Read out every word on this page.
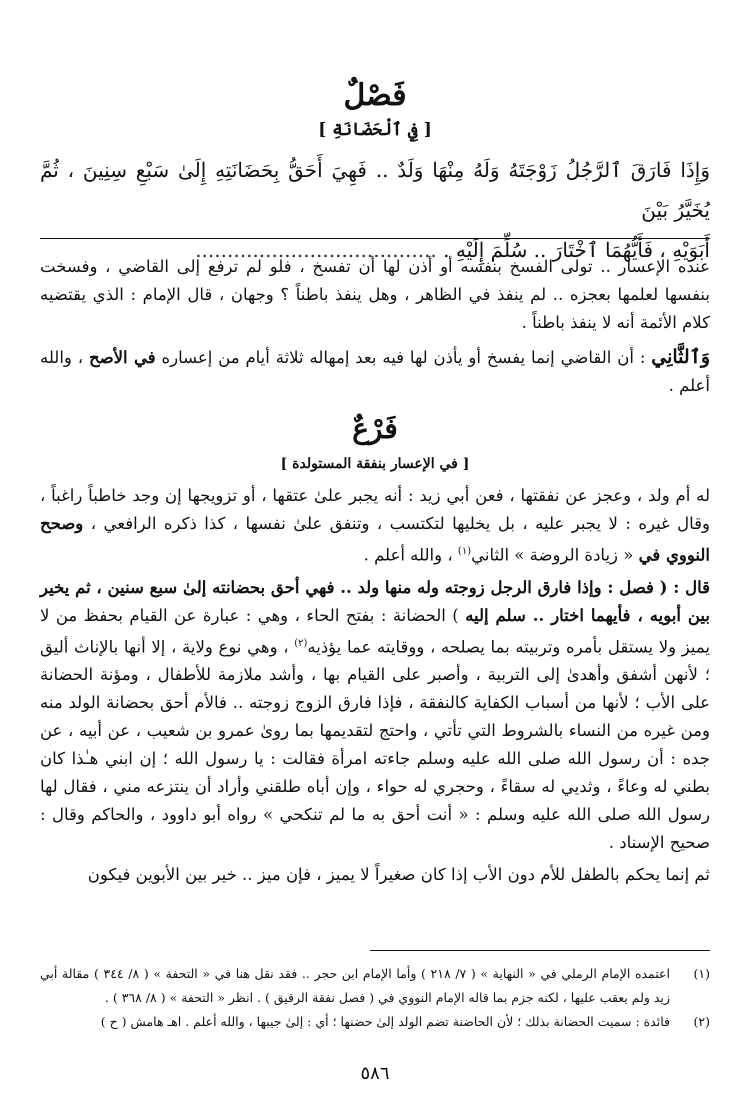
فَصْلٌ
[ فِي ٱلْحَضَانَةِ ]
وَإِذَا فَارَقَ ٱلرَّجُلُ زَوْجَتَهُ وَلَهُ مِنْهَا وَلَدٌ .. فَهِيَ أَحَقُّ بِحَضَانَتِهِ إِلَىٰ سَبْعِ سِنِينَ ، ثُمَّ يُخَيَّرُ بَيْنَ
أَبَوَيْهِ ، فَأَيُّهُمَا ٱخْتَارَ .. سُلِّمَ إِلَيْهِ . ......................................

عنده الإعسار .. تولى الفسخ بنفسه أو أذن لها أن تفسخ ، فلو لم ترفع إلى القاضي ، وفسخت بنفسها لعلمها بعجزه .. لم ينفذ في الظاهر ، وهل ينفذ باطناً ؟ وجهان ، قال الإمام : الذي يقتضيه كلام الأئمة أنه لا ينفذ باطناً .

وَٱلثَّانِي : أن القاضي إنما يفسخ أو يأذن لها فيه بعد إمهاله ثلاثة أيام من إعساره في الأصح ، والله أعلم .

فَرْعٌ
[ في الإعسار بنفقة المستولدة ]

له أم ولد ، وعجز عن نفقتها ، فعن أبي زيد : أنه يجبر علىٰ عتقها ، أو تزويجها إن وجد خاطباً راغباً ، وقال غيره : لا يجبر عليه ، بل يخليها لتكتسب ، وتنفق علىٰ نفسها ، كذا ذكره الرافعي ، وصحح النووي في « زيادة الروضة » الثاني$^{(١)}$ ، والله أعلم .

قال : ( فصل : وإذا فارق الرجل زوجته وله منها ولد .. فهي أحق بحضانته إلىٰ سبع سنين ، ثم يخير بين أبويه ، فأيهما اختار .. سلم إليه ) الحضانة : بفتح الحاء ، وهي : عبارة عن القيام بحفظ من لا يميز ولا يستقل بأمره وتربيته بما يصلحه ، ووقايته عما يؤذيه$^{(٢)}$ ، وهي نوع ولاية ، إلا أنها بالإناث أليق ؛ لأنهن أشفق وأهدىٰ إلى التربية ، وأصبر على القيام بها ، وأشد ملازمة للأطفال ، ومؤنة الحضانة على الأب ؛ لأنها من أسباب الكفاية كالنفقة ، فإذا فارق الزوج زوجته .. فالأم أحق بحضانة الولد منه ومن غيره من النساء بالشروط التي تأتي ، واحتج لتقديمها بما روىٰ عمرو بن شعيب ، عن أبيه ، عن جده : أن رسول الله صلى الله عليه وسلم جاءته امرأة فقالت : يا رسول الله ؛ إن ابني هـٰذا كان بطني له وعاءً ، وثديي له سقاءً ، وحجري له حواء ، وإن أباه طلقني وأراد أن ينتزعه مني ، فقال لها رسول الله صلى الله عليه وسلم : « أنت أحق به ما لم تنكحي » رواه أبو داوود ، والحاكم وقال : صحيح الإسناد .

ثم إنما يحكم بالطفل للأم دون الأب إذا كان صغيراً لا يميز ، فإن ميز .. خير بين الأبوين فيكون

(١)
اعتمده الإمام الرملي في « النهاية » ( ٧/ ٢١٨ ) وأما الإمام ابن حجر .. فقد نقل هنا في « التحفة » ( ٨/ ٣٤٤ ) مقالة أبي زيد ولم يعقب عليها ، لكنه جزم بما قاله الإمام النووي في ( فصل نفقة الرقيق ) . انظر « التحفة » ( ٨/ ٣٦٨ ) .
(٢)
فائدة : سميت الحضانة بذلك ؛ لأن الحاضنة تضم الولد إلىٰ حضنها ؛ أي : إلىٰ جيبها ، والله أعلم . اهـ هامش ( ح )
٥٨٦
